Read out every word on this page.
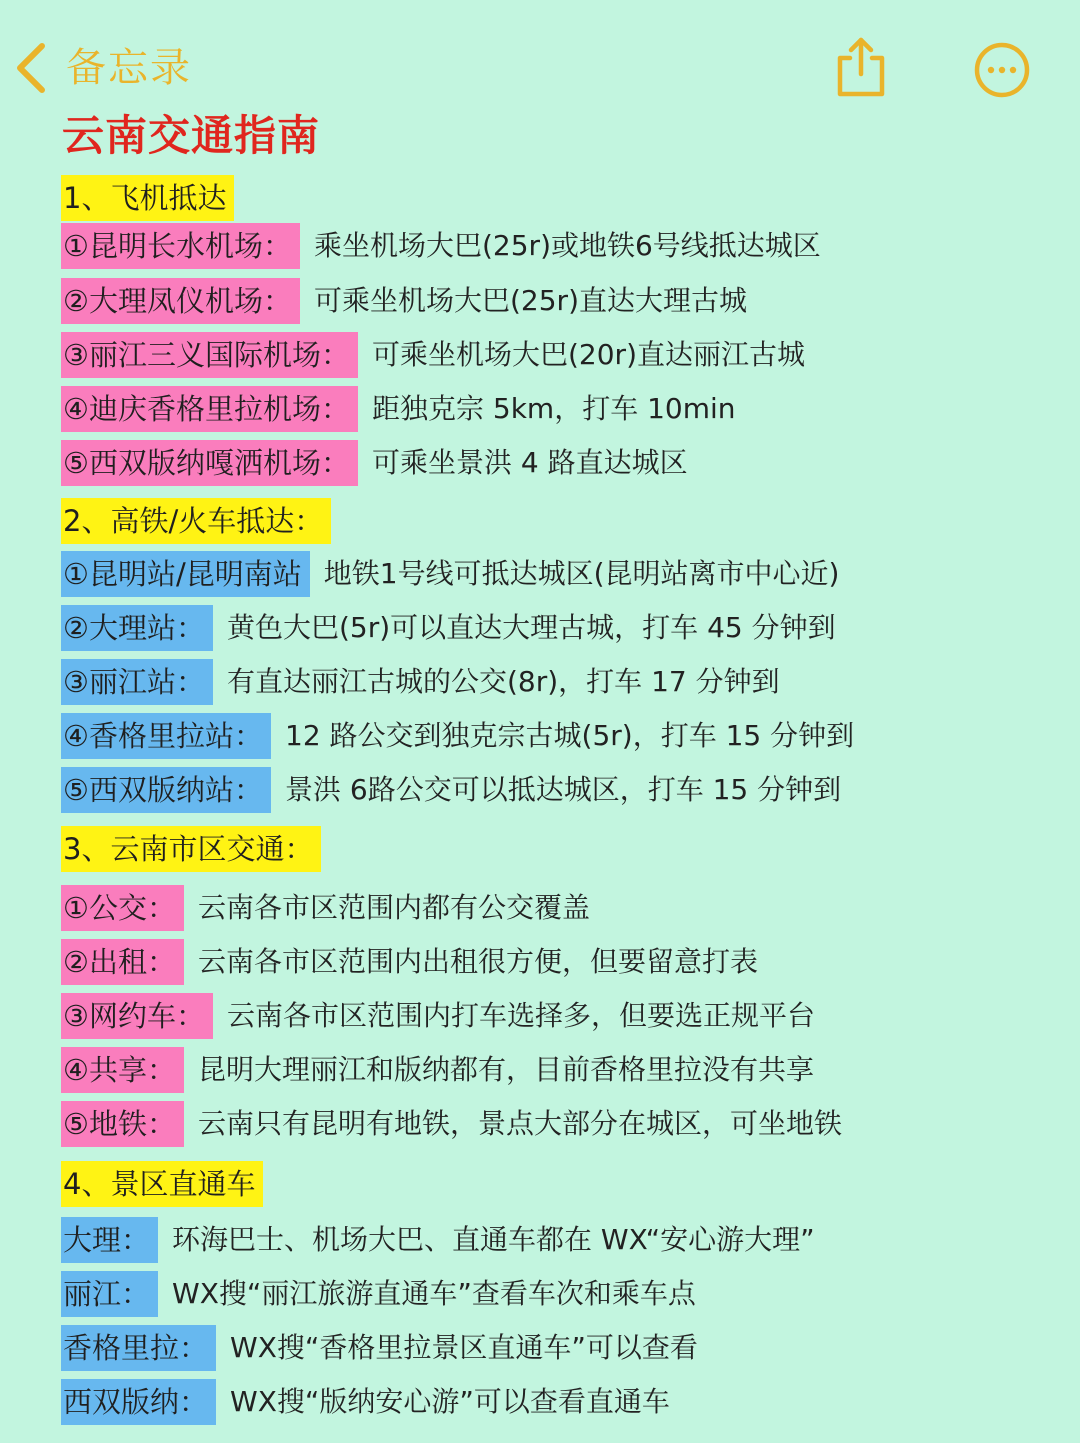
备忘录
云南交通指南
1、飞机抵达
①昆明长水机场： 乘坐机场大巴(25r)或地铁6号线抵达城区
②大理凤仪机场： 可乘坐机场大巴(25r)直达大理古城
③丽江三义国际机场： 可乘坐机场大巴(20r)直达丽江古城
④迪庆香格里拉机场： 距独克宗 5km，打车 10min
⑤西双版纳嘎洒机场： 可乘坐景洪 4 路直达城区
2、高铁/火车抵达：
①昆明站/昆明南站 地铁1号线可抵达城区(昆明站离市中心近)
②大理站： 黄色大巴(5r)可以直达大理古城，打车 45 分钟到
③丽江站： 有直达丽江古城的公交(8r)，打车 17 分钟到
④香格里拉站： 12 路公交到独克宗古城(5r)，打车 15 分钟到
⑤西双版纳站： 景洪 6路公交可以抵达城区，打车 15 分钟到
3、云南市区交通：
①公交： 云南各市区范围内都有公交覆盖
②出租： 云南各市区范围内出租很方便，但要留意打表
③网约车： 云南各市区范围内打车选择多，但要选正规平台
④共享： 昆明大理丽江和版纳都有，目前香格里拉没有共享
⑤地铁： 云南只有昆明有地铁，景点大部分在城区，可坐地铁
4、景区直通车
大理： 环海巴士、机场大巴、直通车都在 WX“安心游大理”
丽江： WX搜“丽江旅游直通车”查看车次和乘车点
香格里拉： WX搜“香格里拉景区直通车”可以查看
西双版纳： WX搜“版纳安心游”可以查看直通车
